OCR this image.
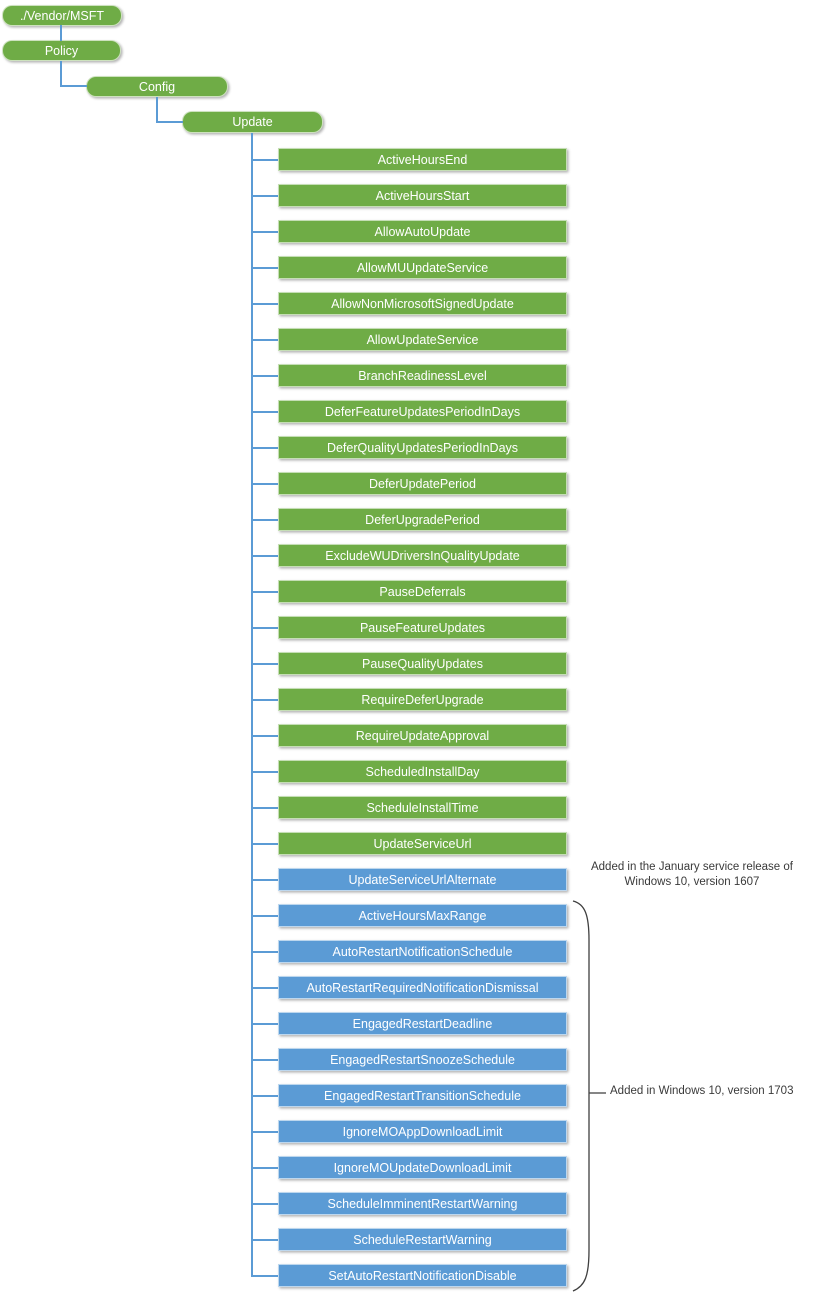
./Vendor/MSFT
Policy
Config
Update
ActiveHoursEnd
ActiveHoursStart
AllowAutoUpdate
AllowMUUpdateService
AllowNonMicrosoftSignedUpdate
AllowUpdateService
BranchReadinessLevel
DeferFeatureUpdatesPeriodInDays
DeferQualityUpdatesPeriodInDays
DeferUpdatePeriod
DeferUpgradePeriod
ExcludeWUDriversInQualityUpdate
PauseDeferrals
PauseFeatureUpdates
PauseQualityUpdates
RequireDeferUpgrade
RequireUpdateApproval
ScheduledInstallDay
ScheduleInstallTime
UpdateServiceUrl
UpdateServiceUrlAlternate
ActiveHoursMaxRange
AutoRestartNotificationSchedule
AutoRestartRequiredNotificationDismissal
EngagedRestartDeadline
EngagedRestartSnoozeSchedule
EngagedRestartTransitionSchedule
IgnoreMOAppDownloadLimit
IgnoreMOUpdateDownloadLimit
ScheduleImminentRestartWarning
ScheduleRestartWarning
SetAutoRestartNotificationDisable
Added in the January service release of
Windows 10, version 1607
Added in Windows 10, version 1703
